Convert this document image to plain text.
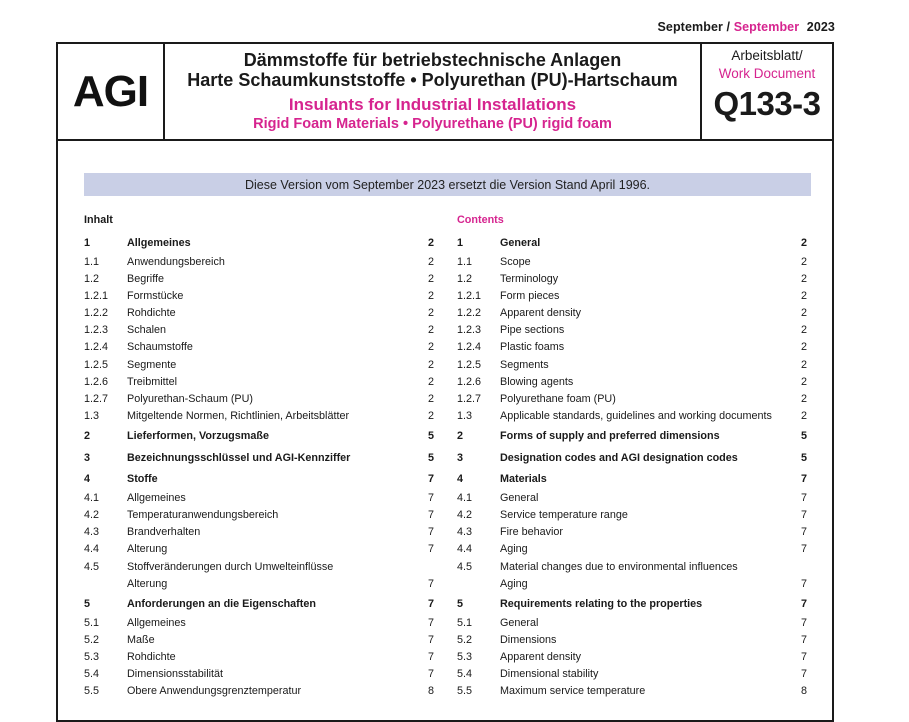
September / September 2023
AGI
Dämmstoffe für betriebstechnische Anlagen
Harte Schaumkunststoffe • Polyurethan (PU)-Hartschaum
Insulants for Industrial Installations
Rigid Foam Materials • Polyurethane (PU) rigid foam
Arbeitsblatt/
Work Document
Q133-3
Diese Version vom September 2023 ersetzt die Version Stand April 1996.
Inhalt
1	Allgemeines	2
1.1	Anwendungsbereich	2
1.2	Begriffe	2
1.2.1 Formstücke	2
1.2.2 Rohdichte	2
1.2.3 Schalen	2
1.2.4 Schaumstoffe	2
1.2.5 Segmente	2
1.2.6 Treibmittel	2
1.2.7 Polyurethan-Schaum (PU)	2
1.3	Mitgeltende Normen, Richtlinien, Arbeitsblätter	2
2	Lieferformen, Vorzugsmaße	5
3	Bezeichnungsschlüssel und AGI-Kennziffer	5
4	Stoffe	7
4.1	Allgemeines	7
4.2	Temperaturanwendungsbereich	7
4.3	Brandverhalten	7
4.4	Alterung	7
4.5	Stoffveränderungen durch Umwelteinflüsse
Alterung	7
5	Anforderungen an die Eigenschaften	7
5.1	Allgemeines	7
5.2	Maße	7
5.3	Rohdichte	7
5.4	Dimensionsstabilität	7
5.5	Obere Anwendungsgrenztemperatur	8
Contents
1	General	2
1.1	Scope	2
1.2	Terminology	2
1.2.1 Form pieces	2
1.2.2 Apparent density	2
1.2.3 Pipe sections	2
1.2.4 Plastic foams	2
1.2.5 Segments	2
1.2.6 Blowing agents	2
1.2.7 Polyurethane foam (PU)	2
1.3	Applicable standards, guidelines and working documents	2
2	Forms of supply and preferred dimensions	5
3	Designation codes and AGI designation codes	5
4	Materials	7
4.1	General	7
4.2	Service temperature range	7
4.3	Fire behavior	7
4.4	Aging	7
4.5	Material changes due to environmental influences
Aging	7
5	Requirements relating to the properties	7
5.1	General	7
5.2	Dimensions	7
5.3	Apparent density	7
5.4	Dimensional stability	7
5.5	Maximum service temperature	8
